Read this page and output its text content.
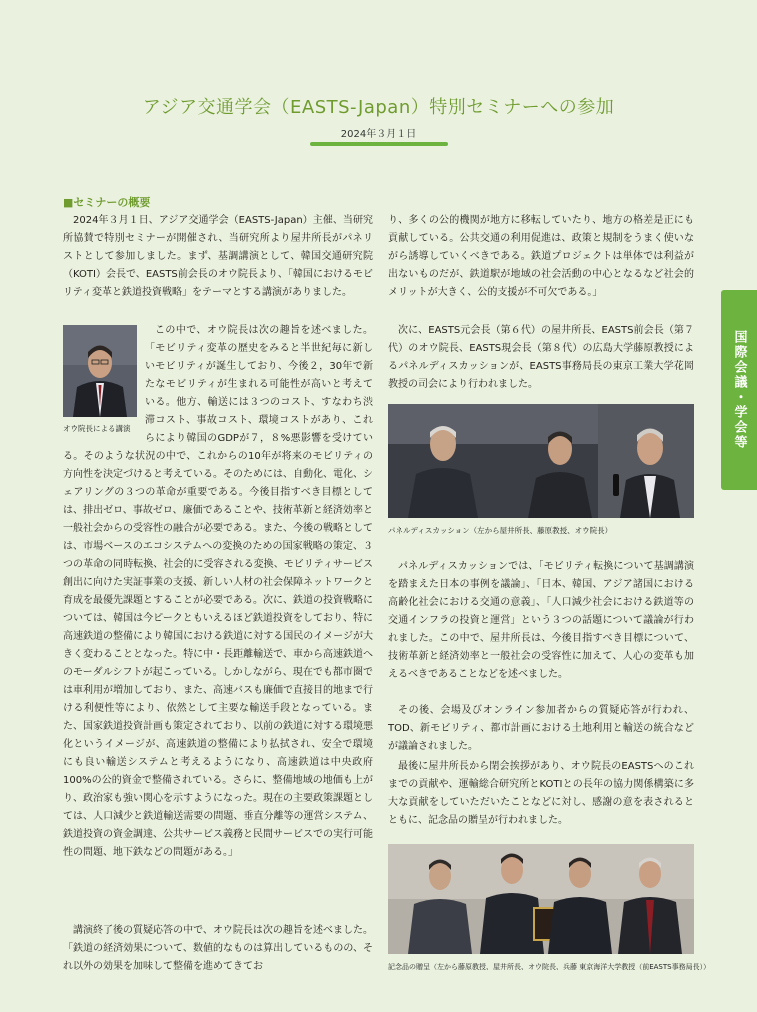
アジア交通学会（EASTS-Japan）特別セミナーへの参加
2024年３月１日
国際会議・学会等
■セミナーの概要

2024年３月１日、アジア交通学会（EASTS-Japan）主催、当研究所協賛で特別セミナーが開催され、当研究所より屋井所長がパネリストとして参加しました。まず、基調講演として、韓国交通研究院（KOTI）会長で、EASTS前会長のオウ院長より、「韓国におけるモビリティ変革と鉄道投資戦略」をテーマとする講演がありました。

オウ院長による講演

この中で、オウ院長は次の趣旨を述べました。「モビリティ変革の歴史をみると半世紀毎に新しいモビリティが誕生しており、今後２，30年で新たなモビリティが生まれる可能性が高いと考えている。他方、輸送には３つのコスト、すなわち渋滞コスト、事故コスト、環境コストがあり、これらにより韓国のGDPが７，８%悪影響を受けている。そのような状況の中で、これからの10年が将来のモビリティの方向性を決定づけると考えている。そのためには、自動化、電化、シェアリングの３つの革命が重要である。今後目指すべき目標としては、排出ゼロ、事故ゼロ、廉価であることや、技術革新と経済効率と一般社会からの受容性の融合が必要である。また、今後の戦略としては、市場ベースのエコシステムへの変換のための国家戦略の策定、３つの革命の同時転換、社会的に受容される変換、モビリティサービス創出に向けた実証事業の支援、新しい人材の社会保障ネットワークと育成を最優先課題とすることが必要である。次に、鉄道の投資戦略については、韓国は今ピークともいえるほど鉄道投資をしており、特に高速鉄道の整備により韓国における鉄道に対する国民のイメージが大きく変わることとなった。特に中・長距離輸送で、車から高速鉄道へのモーダルシフトが起こっている。しかしながら、現在でも都市圏では車利用が増加しており、また、高速バスも廉価で直接目的地まで行ける利便性等により、依然として主要な輸送手段となっている。また、国家鉄道投資計画も策定されており、以前の鉄道に対する環境悪化というイメージが、高速鉄道の整備により払拭され、安全で環境にも良い輸送システムと考えるようになり、高速鉄道は中央政府100%の公的資金で整備されている。さらに、整備地域の地価も上がり、政治家も強い関心を示すようになった。現在の主要政策課題としては、人口減少と鉄道輸送需要の問題、垂直分離等の運営システム、鉄道投資の資金調達、公共サービス義務と民間サービスでの実行可能性の問題、地下鉄などの問題がある。」

講演終了後の質疑応答の中で、オウ院長は次の趣旨を述べました。「鉄道の経済効果について、数値的なものは算出しているものの、それ以外の効果を加味して整備を進めてきてお

り、多くの公的機関が地方に移転していたり、地方の格差是正にも貢献している。公共交通の利用促進は、政策と規制をうまく使いながら誘導していくべきである。鉄道プロジェクトは単体では利益が出ないものだが、鉄道駅が地域の社会活動の中心となるなど社会的メリットが大きく、公的支援が不可欠である。」

次に、EASTS元会長（第６代）の屋井所長、EASTS前会長（第７代）のオウ院長、EASTS現会長（第８代）の広島大学藤原教授によるパネルディスカッションが、EASTS事務局長の東京工業大学花岡教授の司会により行われました。

パネルディスカッション（左から屋井所長、藤原教授、オウ院長）

パネルディスカッションでは、「モビリティ転換について基調講演を踏まえた日本の事例を議論」、「日本、韓国、アジア諸国における高齢化社会における交通の意義」、「人口減少社会における鉄道等の交通インフラの投資と運営」という３つの話題について議論が行われました。この中で、屋井所長は、今後目指すべき目標について、技術革新と経済効率と一般社会の受容性に加えて、人心の変革も加えるべきであることなどを述べました。

その後、会場及びオンライン参加者からの質疑応答が行われ、TOD、新モビリティ、都市計画における土地利用と輸送の統合などが議論されました。

最後に屋井所長から閉会挨拶があり、オウ院長のEASTSへのこれまでの貢献や、運輸総合研究所とKOTIとの長年の協力関係構築に多大な貢献をしていただいたことなどに対し、感謝の意を表されるとともに、記念品の贈呈が行われました。

記念品の贈呈（左から藤原教授、屋井所長、オウ院長、兵藤 東京海洋大学教授（前EASTS事務局長））
